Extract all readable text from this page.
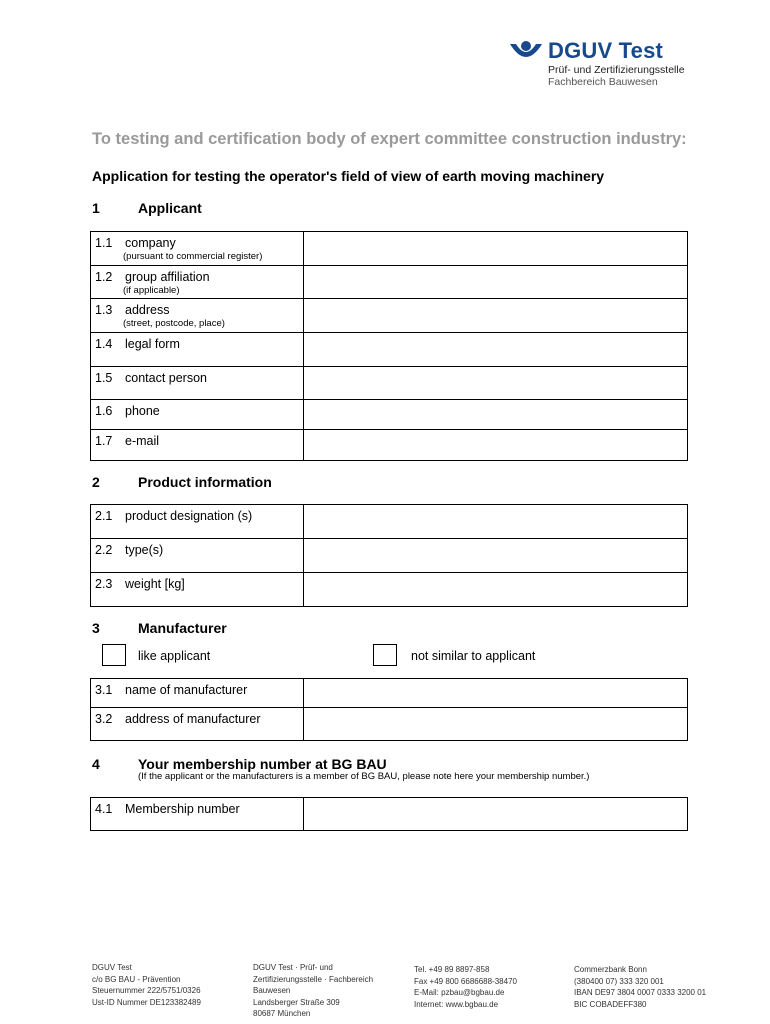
DGUV Test
Prüf- und Zertifizierungsstelle
Fachbereich Bauwesen
To testing and certification body of expert committee construction industry:
Application for testing the operator's field of view of earth moving machinery
1	Applicant
1.1 company
(pursuant to commercial register)	

1.2 group affiliation
(if applicable)	

1.3 address
(street, postcode, place)	

1.4 legal form	

1.5 contact person	

1.6 phone	

1.7 e-mail	

2	Product information
2.1 product designation (s)	

2.2 type(s)	

2.3 weight [kg]	

3	Manufacturer
like applicant	not similar to applicant
3.1 name of manufacturer	

3.2 address of manufacturer	

4	Your membership number at BG BAU
(If the applicant or the manufacturers is a member of BG BAU, please note here your membership number.)
4.1 Membership number

DGUV Test
c/o BG BAU - Prävention
Steuernummer 222/5751/0326
Ust-ID Nummer DE123382489
DGUV Test · Prüf- und
Zertifizierungsstelle · Fachbereich
Bauwesen
Landsberger Straße 309
80687 München
Tel. +49 89 8897-858
Fax +49 800 6686688-38470
E-Mail: pzbau@bgbau.de
Internet: www.bgbau.de
Commerzbank Bonn
(380400 07) 333 320 001
IBAN DE97 3804 0007 0333 3200 01
BIC COBADEFF380
